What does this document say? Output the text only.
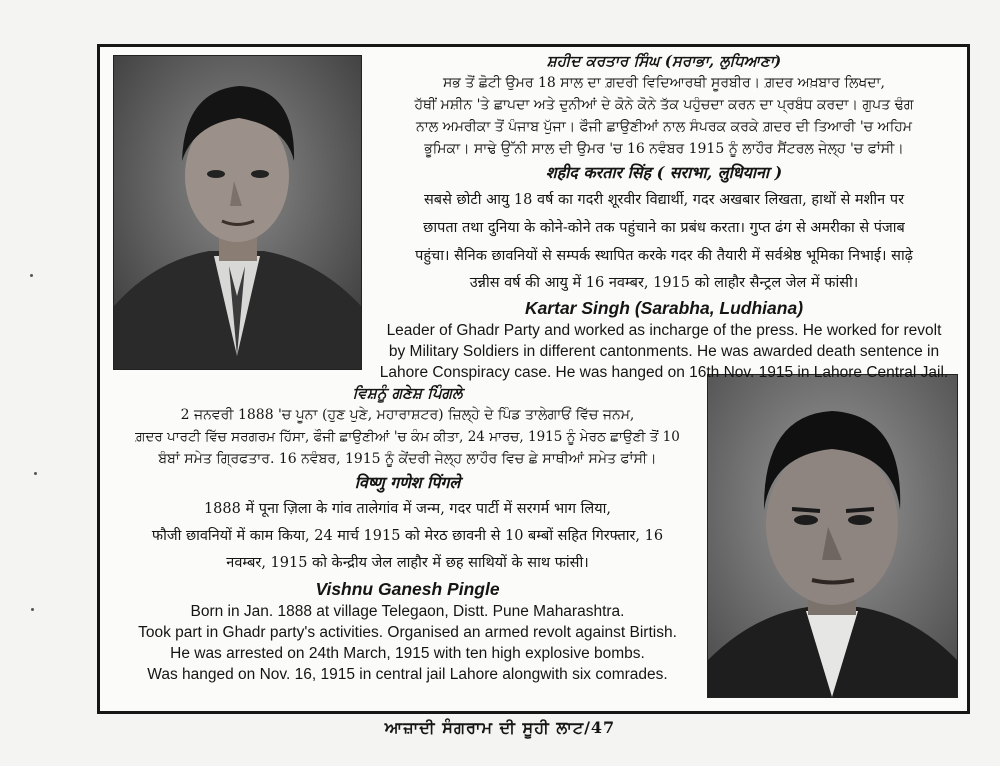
ਸ਼ਹੀਦ ਕਰਤਾਰ ਸਿੰਘ (ਸਰਾਭਾ, ਲੁਧਿਆਣਾ)
ਸਭ ਤੋਂ ਛੋਟੀ ਉਮਰ 18 ਸਾਲ ਦਾ ਗ਼ਦਰੀ ਵਿਦਿਆਰਥੀ ਸੂਰਬੀਰ। ਗ਼ਦਰ ਅਖ਼ਬਾਰ ਲਿਖਦਾ,
ਹੱਥੀਂ ਮਸ਼ੀਨ 'ਤੇ ਛਾਪਦਾ ਅਤੇ ਦੁਨੀਆਂ ਦੇ ਕੋਨੇ ਕੋਨੇ ਤੱਕ ਪਹੁੰਚਦਾ ਕਰਨ ਦਾ ਪ੍ਰਬੰਧ ਕਰਦਾ। ਗੁਪਤ ਢੰਗ
ਨਾਲ ਅਮਰੀਕਾ ਤੋਂ ਪੰਜਾਬ ਪੁੱਜਾ। ਫੌਜੀ ਛਾਉਣੀਆਂ ਨਾਲ ਸੰਪਰਕ ਕਰਕੇ ਗ਼ਦਰ ਦੀ ਤਿਆਰੀ 'ਚ ਅਹਿਮ
ਭੂਮਿਕਾ। ਸਾਢੇ ਉੱਨੀ ਸਾਲ ਦੀ ਉਮਰ 'ਚ 16 ਨਵੰਬਰ 1915 ਨੂੰ ਲਾਹੌਰ ਸੈਂਟਰਲ ਜੇਲ੍ਹ 'ਚ ਫਾਂਸੀ।
शहीद करतार सिंह ( सराभा, लुधियाना )
सबसे छोटी आयु 18 वर्ष का गदरी शूरवीर विद्यार्थी, गदर अखबार लिखता, हाथों से मशीन पर
छापता तथा दुनिया के कोने-कोने तक पहुंचाने का प्रबंध करता। गुप्त ढंग से अमरीका से पंजाब
पहुंचा। सैनिक छावनियों से सम्पर्क स्थापित करके गदर की तैयारी में सर्वश्रेष्ठ भूमिका निभाई। साढ़े
उन्नीस वर्ष की आयु में 16 नवम्बर, 1915 को लाहौर सैन्ट्रल जेल में फांसी।
Kartar Singh (Sarabha, Ludhiana)
Leader of Ghadr Party and worked as incharge of the press. He worked for revolt
by Military Soldiers in different cantonments. He was awarded death sentence in
Lahore Conspiracy case. He was hanged on 16th Nov. 1915 in Lahore Central Jail.
ਵਿਸ਼ਨੂੰ ਗਣੇਸ਼ ਪਿੰਗਲੇ
2 ਜਨਵਰੀ 1888 'ਚ ਪੂਨਾ (ਹੁਣ ਪੁਣੇ, ਮਹਾਰਾਸ਼ਟਰ) ਜ਼ਿਲ੍ਹੇ ਦੇ ਪਿੰਡ ਤਾਲੇਗਾਓਂ ਵਿੱਚ ਜਨਮ,
ਗ਼ਦਰ ਪਾਰਟੀ ਵਿੱਚ ਸਰਗਰਮ ਹਿੱਸਾ, ਫੌਜੀ ਛਾਉਣੀਆਂ 'ਚ ਕੰਮ ਕੀਤਾ, 24 ਮਾਰਚ, 1915 ਨੂੰ ਮੇਰਠ ਛਾਉਣੀ ਤੋਂ 10
ਬੰਬਾਂ ਸਮੇਤ ਗ੍ਰਿਫਤਾਰ. 16 ਨਵੰਬਰ, 1915 ਨੂੰ ਕੇਂਦਰੀ ਜੇਲ੍ਹ ਲਾਹੌਰ ਵਿਚ ਛੇ ਸਾਥੀਆਂ ਸਮੇਤ ਫਾਂਸੀ।
विष्णु गणेश पिंगले
1888 में पूना ज़िला के गांव तालेगांव में जन्म, गदर पार्टी में सरगर्म भाग लिया,
फौजी छावनियों में काम किया, 24 मार्च 1915 को मेरठ छावनी से 10 बम्बों सहित गिरफ्तार, 16
नवम्बर, 1915 को केन्द्रीय जेल लाहौर में छह साथियों के साथ फांसी।
Vishnu Ganesh Pingle
Born in Jan. 1888 at village Telegaon, Distt. Pune Maharashtra.
Took part in Ghadr party's activities. Organised an armed revolt against Birtish.
He was arrested on 24th March, 1915 with ten high explosive bombs.
Was hanged on Nov. 16, 1915 in central jail Lahore alongwith six comrades.
ਆਜ਼ਾਦੀ ਸੰਗਰਾਮ ਦੀ ਸੂਹੀ ਲਾਟ/47
